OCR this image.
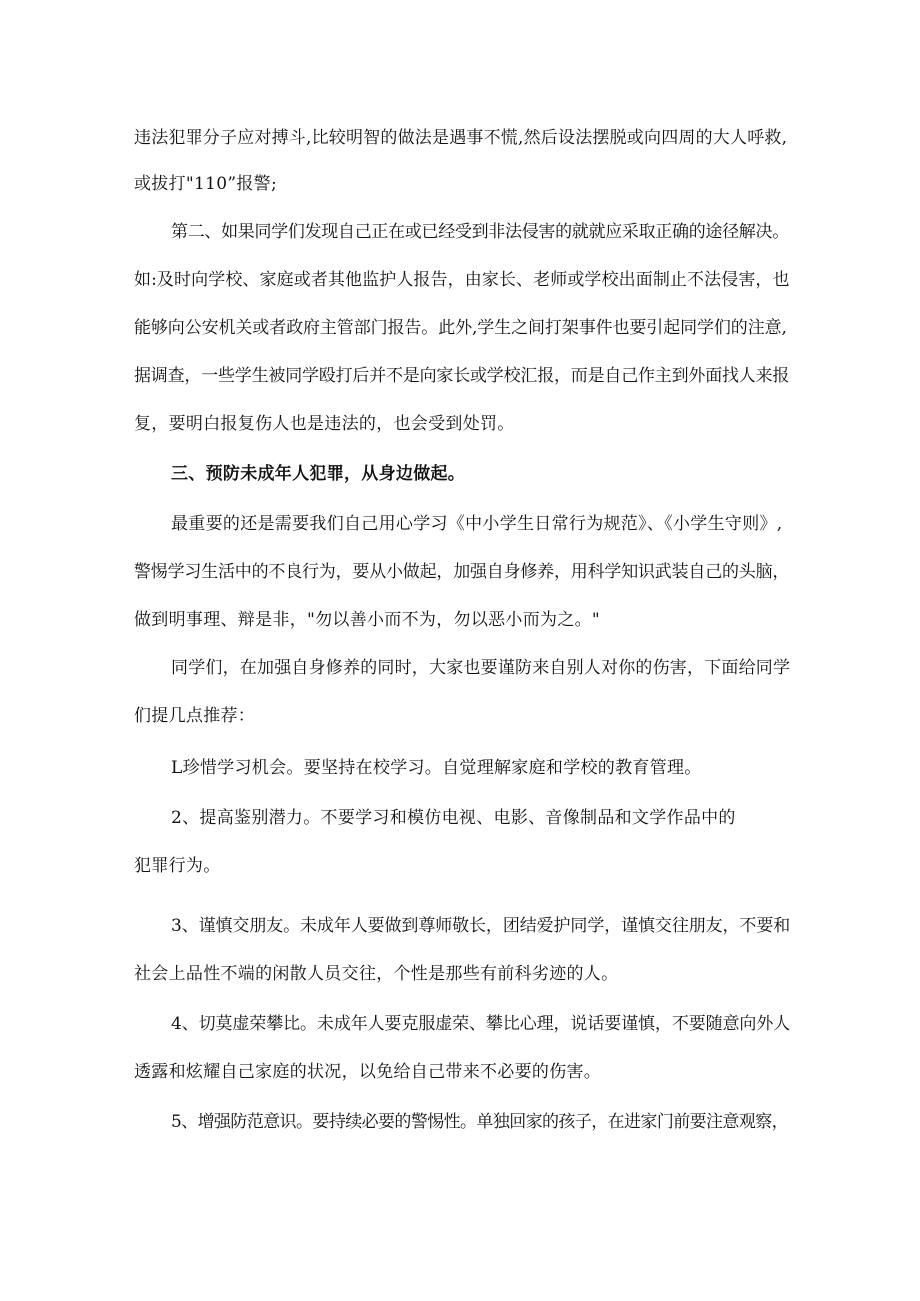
违法犯罪分子应对搏斗,比较明智的做法是遇事不慌,然后设法摆脱或向四周的大人呼救,
或拔打"110”报警;
第二、如果同学们发现自己正在或已经受到非法侵害的就就应采取正确的途径解决。
如:及时向学校、家庭或者其他监护人报告，由家长、老师或学校出面制止不法侵害，也
能够向公安机关或者政府主管部门报告。此外,学生之间打架事件也要引起同学们的注意,
据调查，一些学生被同学殴打后并不是向家长或学校汇报，而是自己作主到外面找人来报
复，要明白报复伤人也是违法的，也会受到处罚。
三、预防未成年人犯罪，从身边做起。
最重要的还是需要我们自己用心学习《中小学生日常行为规范》、《小学生守则》,
警惕学习生活中的不良行为，要从小做起，加强自身修养，用科学知识武装自己的头脑，
做到明事理、辩是非，"勿以善小而不为，勿以恶小而为之。"
同学们，在加强自身修养的同时，大家也要谨防来自别人对你的伤害，下面给同学
们提几点推荐：
L珍惜学习机会。要坚持在校学习。自觉理解家庭和学校的教育管理。
2、提高鉴别潜力。不要学习和模仿电视、电影、音像制品和文学作品中的
犯罪行为。
3、谨慎交朋友。未成年人要做到尊师敬长，团结爱护同学，谨慎交往朋友，不要和
社会上品性不端的闲散人员交往，个性是那些有前科劣迹的人。
4、切莫虚荣攀比。未成年人要克服虚荣、攀比心理，说话要谨慎，不要随意向外人
透露和炫耀自己家庭的状况，以免给自己带来不必要的伤害。
5、增强防范意识。要持续必要的警惕性。单独回家的孩子，在进家门前要注意观察，
